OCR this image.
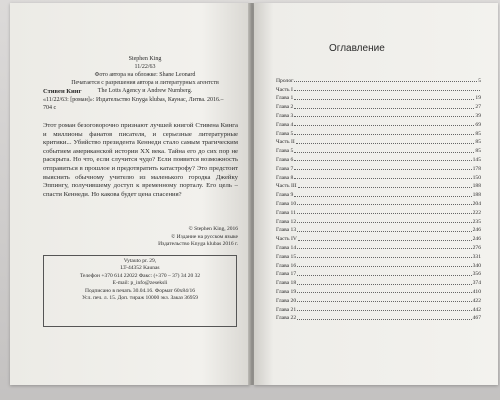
Stephen King
11/22/63
Фото автора на обложке: Shane Leonard
Печатается с разрешения автора и литературных агентств
The Lotts Agency и Andrew Nurnberg.
Стивен Кинг
«11/22/63: [роман]»: Издательство Knyga klubas, Каунас, Литва. 2016.– 704 с
Этот роман безоговорочно признают лучшей книгой Стивена Кинга и миллионы фанатов писателя, и серьезные литературные критики... Убийство президента Кеннеди стало самым трагическим событием американской истории XX века. Тайна его до сих пор не раскрыта. Но что, если случится чудо? Если появится возможность отправиться в прошлое и предотвратить катастрофу? Это предстоит выяснить обычному учителю из маленького городка Джейку Эппингу, получившему доступ к временному порталу. Его цель – спасти Кеннеди. Но какова будет цена спасения?
© Stephen King, 2016
© Издание на русском языке
Издательство Knyga klubas 2016 г.
Vytauto pr. 29,
LT-44352 Kaunas
Телефон +370 614 22022 Факс: (+370 – 37) 34 20 32
E-mail: p_info@zeseksli
Подписано в печать 30.04.16. Формат 60x84/16
Усл. печ. л. 15. Доп. тираж 10000 экз. Заказ 36959
Оглавление
Пролог	5
Часть I
Глава 1	19
Глава 2	27
Глава 3	39
Глава 4	69
Глава 5	85
Часть II	85
Глава 5	85
Глава 6	145
Глава 7	178
Глава 8	150
Часть III	188
Глава 9	188
Глава 10	204
Глава 11	222
Глава 12	235
Глава 13	246
Часть IV	246
Глава 14	276
Глава 15	331
Глава 16	340
Глава 17	356
Глава 18	374
Глава 19	410
Глава 20	422
Глава 21	442
Глава 22	467
